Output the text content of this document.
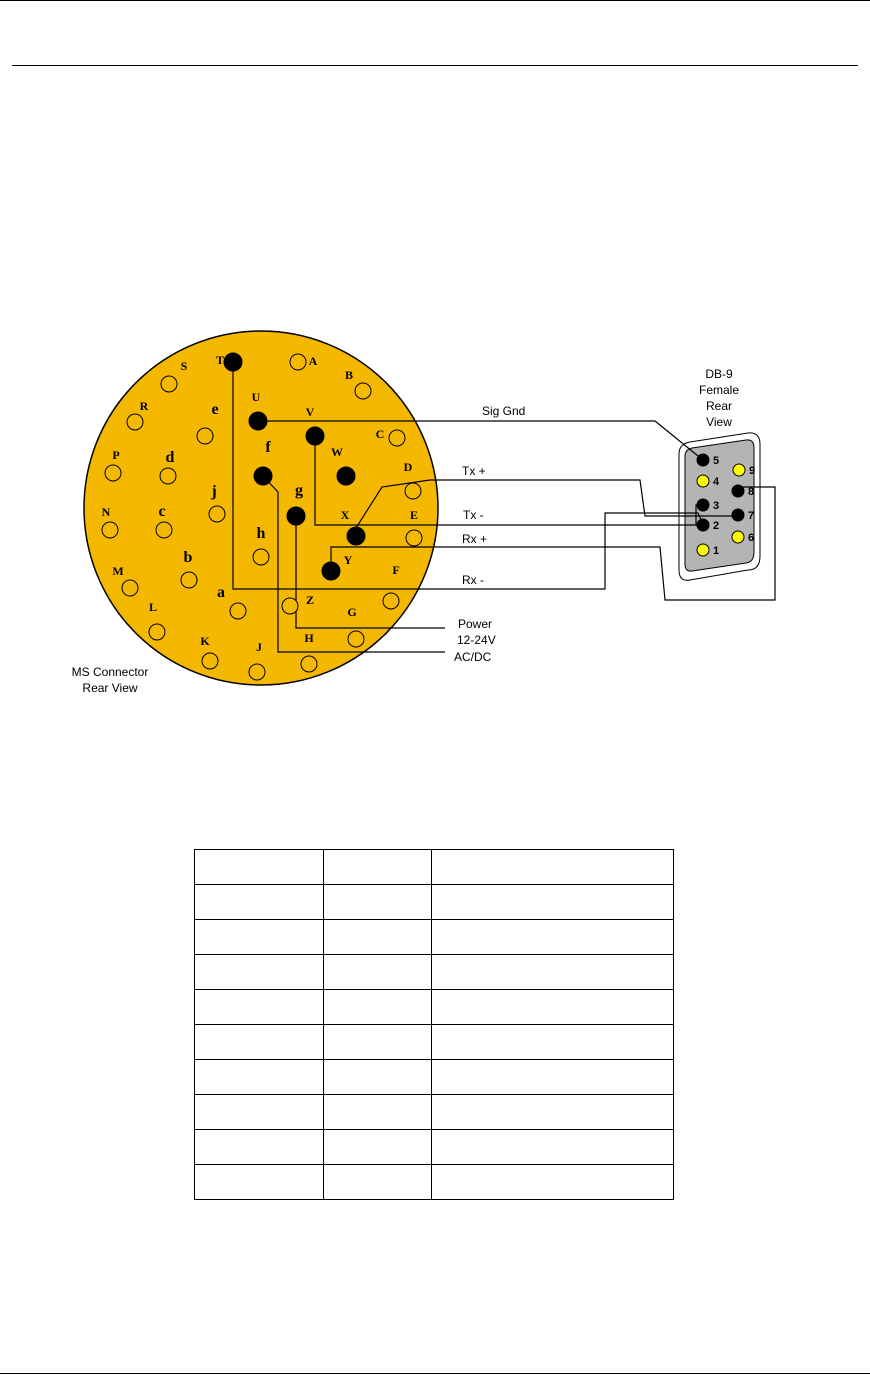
T
U
V
W
X
Y
f
g
A
B
C
D
E
F
G
H
J
K
L
M
N
P
R
S
Z
a
b
c
d
e
h
j
2
3
5
7
8
1
4
6
9
Sig Gnd
Tx +
Tx -
Rx +
Rx -
Power
12-24V
AC/DC
MS Connector
Rear View
DB-9
Female
Rear
View
